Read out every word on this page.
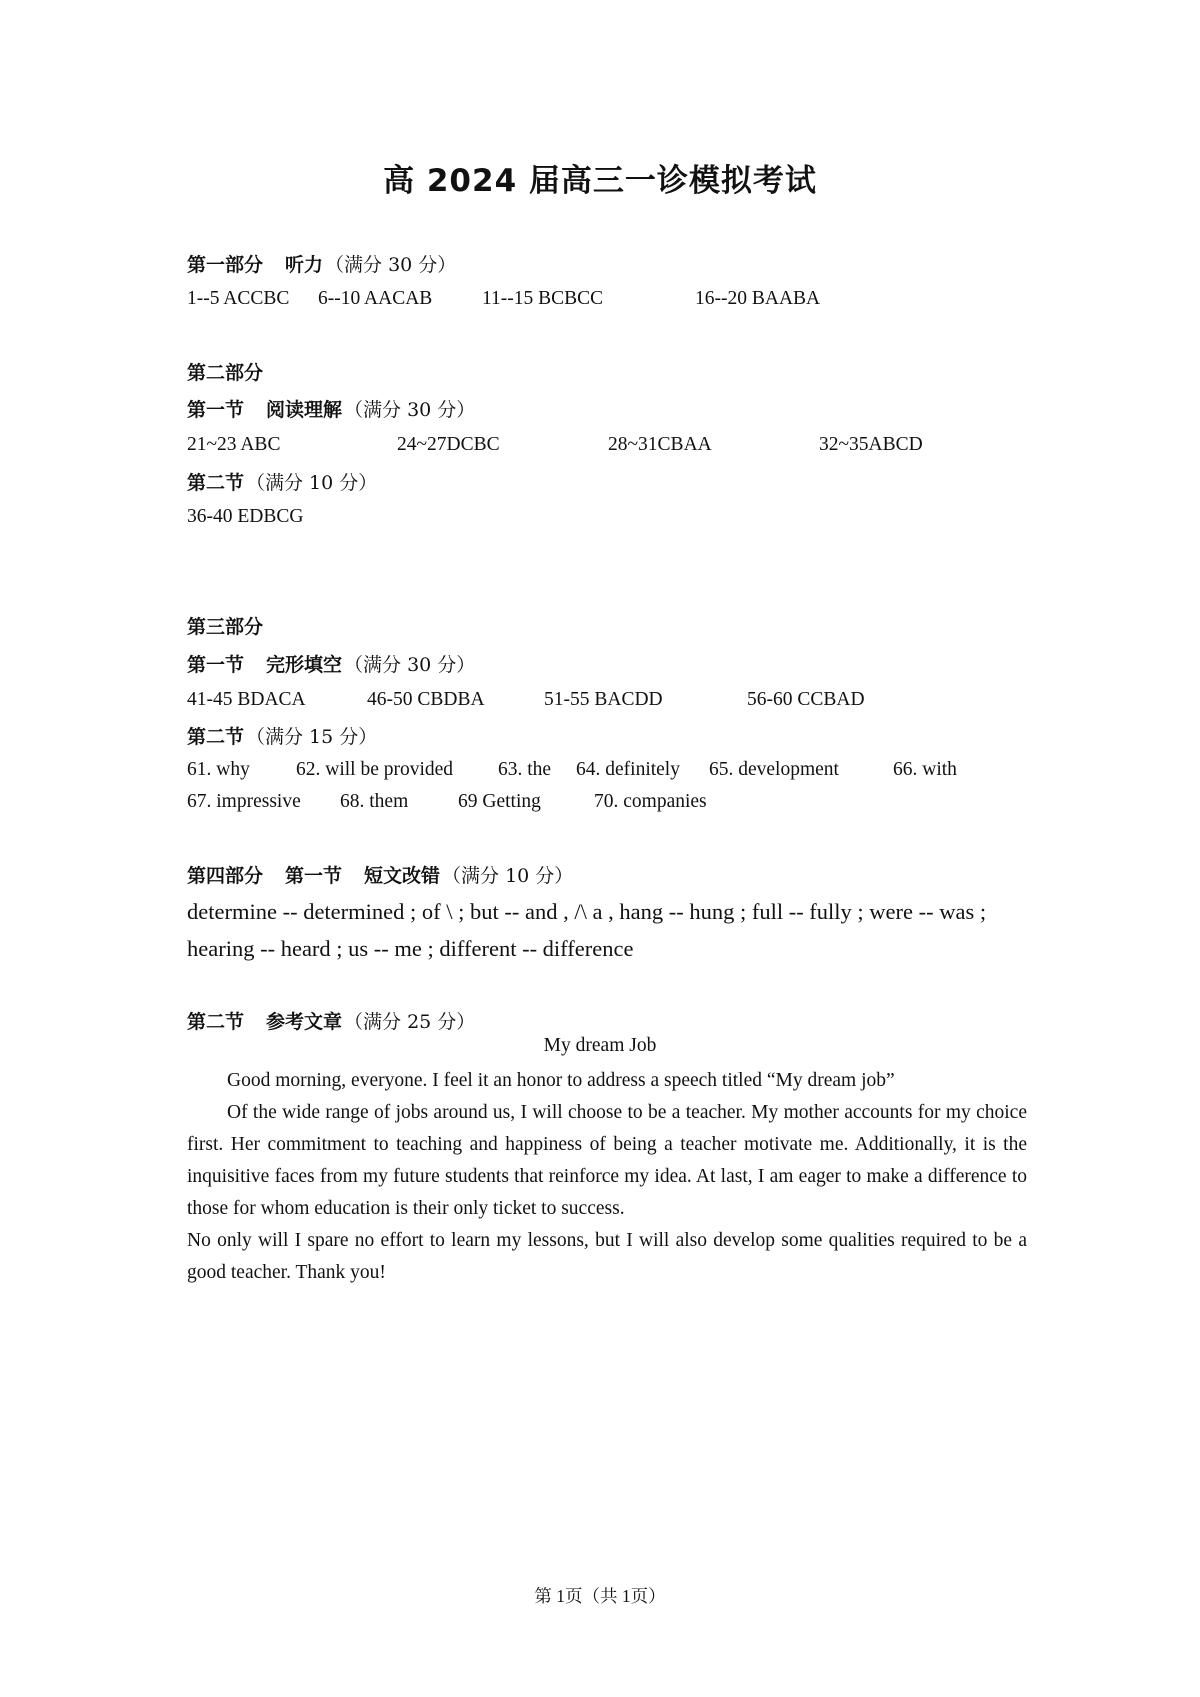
高 2024 届高三一诊模拟考试
第一部分 听力 （满分 30 分）
1--5 ACCBC 6--10 AACAB	11--15 BCBCC	16--20 BAABA
第二部分
第一节 阅读理解 （满分 30 分）
21~23 ABC	24~27DCBC	28~31CBAA	32~35ABCD
第二节 （满分 10 分）
36-40 EDBCG
第三部分
第一节 完形填空 （满分 30 分）
41-45 BDACA	46-50 CBDBA	51-55 BACDD	56-60 CCBAD
第二节 （满分 15 分）
61. why 62. will be provided 63. the 64. definitely 65. development	66. with
67. impressive 68. them	69 Getting	70. companies
第四部分 第一节 短文改错 （满分 10 分）
determine -- determined ; of \ ; but -- and , /\ a , hang -- hung ; full -- fully ; were -- was ; hearing -- heard ; us -- me ; different -- difference
第二节 参考文章 （满分 25 分）
My dream Job

Good morning, everyone. I feel it an honor to address a speech titled “My dream job”

Of the wide range of jobs around us, I will choose to be a teacher. My mother accounts for my choice first. Her commitment to teaching and happiness of being a teacher motivate me. Additionally, it is the inquisitive faces from my future students that reinforce my idea. At last, I am eager to make a difference to those for whom education is their only ticket to success.

No only will I spare no effort to learn my lessons, but I will also develop some qualities required to be a good teacher. Thank you!

第 1页（共 1页）
